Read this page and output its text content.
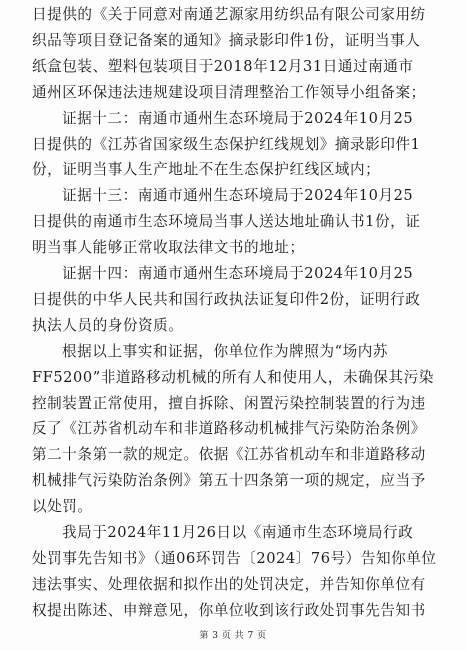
日提供的《关于同意对南通艺源家用纺织品有限公司家用纺
织品等项目登记备案的通知》摘录影印件1份，证明当事人
纸盒包装、塑料包装项目于2018年12月31日通过南通市
通州区环保违法违规建设项目清理整治工作领导小组备案；
证据十二：南通市通州生态环境局于2024年10月25
日提供的《江苏省国家级生态保护红线规划》摘录影印件1
份，证明当事人生产地址不在生态保护红线区域内；
证据十三：南通市通州生态环境局于2024年10月25
日提供的南通市生态环境局当事人送达地址确认书1份，证
明当事人能够正常收取法律文书的地址；
证据十四：南通市通州生态环境局于2024年10月25
日提供的中华人民共和国行政执法证复印件2份，证明行政
执法人员的身份资质。
根据以上事实和证据，你单位作为牌照为“场内苏
FF5200”非道路移动机械的所有人和使用人，未确保其污染
控制装置正常使用，擅自拆除、闲置污染控制装置的行为违
反了《江苏省机动车和非道路移动机械排气污染防治条例》
第二十条第一款的规定。依据《江苏省机动车和非道路移动
机械排气污染防治条例》第五十四条第一项的规定，应当予
以处罚。
我局于2024年11月26日以《南通市生态环境局行政
处罚事先告知书》（通06环罚告〔2024〕76号）告知你单位
违法事实、处理依据和拟作出的处罚决定，并告知你单位有
第 3 页 共 7 页
权提出陈述、申辩意见，你单位收到该行政处罚事先告知书
